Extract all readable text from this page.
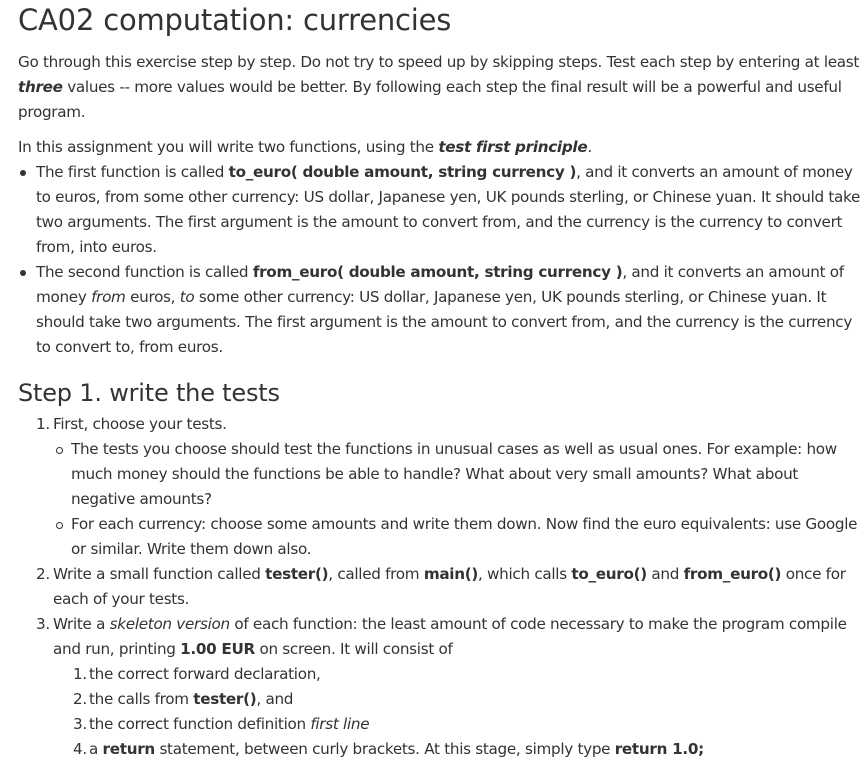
CA02 computation: currencies

Go through this exercise step by step. Do not try to speed up by skipping steps. Test each step by entering at least three values -- more values would be better. By following each step the final result will be a powerful and useful program.

In this assignment you will write two functions, using the test first principle.

The first function is called to_euro( double amount, string currency ), and it converts an amount of money to euros, from some other currency: US dollar, Japanese yen, UK pounds sterling, or Chinese yuan. It should take two arguments. The first argument is the amount to convert from, and the currency is the currency to convert from, into euros.
The second function is called from_euro( double amount, string currency ), and it converts an amount of money from euros, to some other currency: US dollar, Japanese yen, UK pounds sterling, or Chinese yuan. It should take two arguments. The first argument is the amount to convert from, and the currency is the currency to convert to, from euros.
Step 1. write the tests
1. First, choose your tests.
The tests you choose should test the functions in unusual cases as well as usual ones. For example: how much money should the functions be able to handle? What about very small amounts? What about negative amounts?
For each currency: choose some amounts and write them down. Now find the euro equivalents: use Google or similar. Write them down also.
2. Write a small function called tester(), called from main(), which calls to_euro() and from_euro() once for each of your tests.
3. Write a skeleton version of each function: the least amount of code necessary to make the program compile and run, printing 1.00 EUR on screen. It will consist of
1. the correct forward declaration,
2. the calls from tester(), and
3. the correct function definition first line
4. a return statement, between curly brackets. At this stage, simply type return 1.0;
